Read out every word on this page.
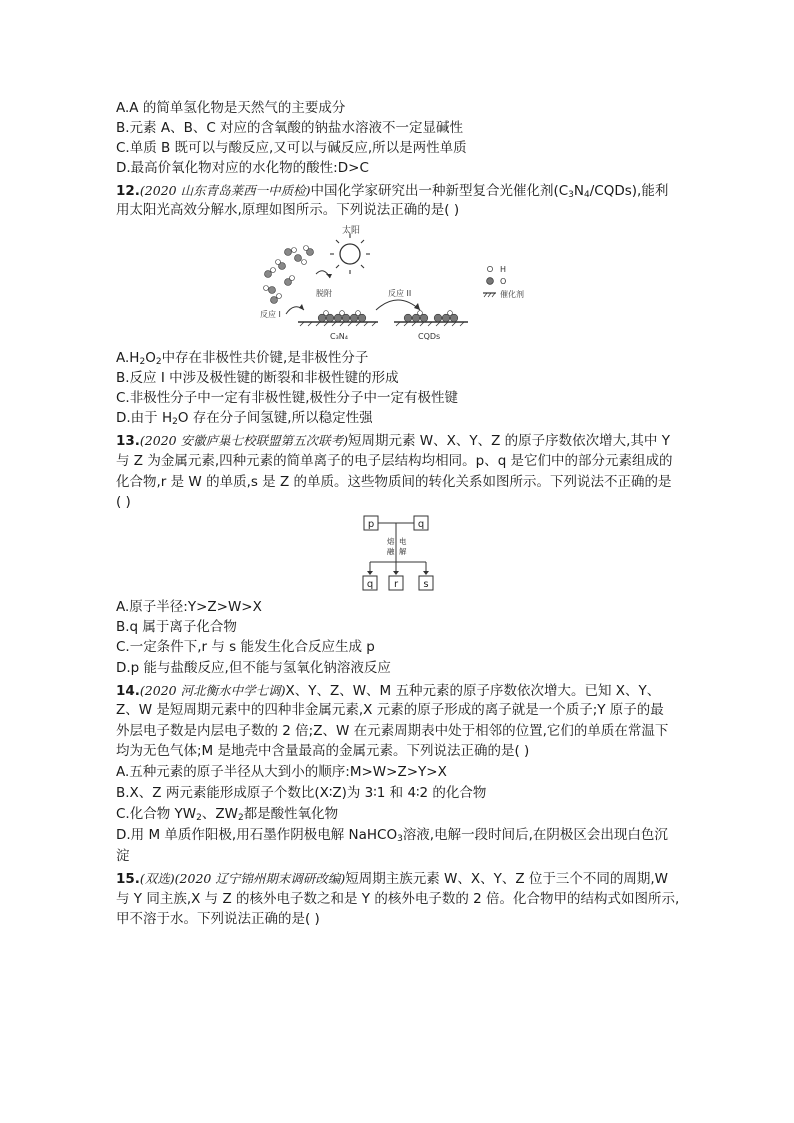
A.A 的简单氢化物是天然气的主要成分
B.元素 A、B、C 对应的含氧酸的钠盐水溶液不一定显碱性
C.单质 B 既可以与酸反应,又可以与碱反应,所以是两性单质
D.最高价氧化物对应的水化物的酸性:D>C
12.(2020 山东青岛莱西一中质检)中国化学家研究出一种新型复合光催化剂$(C_3N_4/CQDs)$,能利
用太阳光高效分解水,原理如图所示。下列说法正确的是( )
太阳
脱附
反应 I
C₃N₄
反应 II
CQDs
H
O
催化剂
$A.H_2O_2$中存在非极性共价键,是非极性分子
B.反应 I 中涉及极性键的断裂和非极性键的形成
C.非极性分子中一定有非极性键,极性分子中一定有极性键
D.由于 $H_2O$ 存在分子间氢键,所以稳定性强
13.(2020 安徽庐巢七校联盟第五次联考)短周期元素 W、X、Y、Z 的原子序数依次增大,其中 Y
与 Z 为金属元素,四种元素的简单离子的电子层结构均相同。p、q 是它们中的部分元素组成的
化合物,r 是 W 的单质,s 是 Z 的单质。这些物质间的转化关系如图所示。下列说法不正确的是
( )
p	q
熔
融
电
解
q r	s
A.原子半径:Y>Z>W>X
B.q 属于离子化合物
C.一定条件下,r 与 s 能发生化合反应生成 p
D.p 能与盐酸反应,但不能与氢氧化钠溶液反应
14.(2020 河北衡水中学七调)X、Y、Z、W、M 五种元素的原子序数依次增大。已知 X、Y、
Z、W 是短周期元素中的四种非金属元素,X 元素的原子形成的离子就是一个质子;Y 原子的最
外层电子数是内层电子数的 2 倍;Z、W 在元素周期表中处于相邻的位置,它们的单质在常温下
均为无色气体;M 是地壳中含量最高的金属元素。下列说法正确的是( )
A.五种元素的原子半径从大到小的顺序:M>W>Z>Y>X
B.X、Z 两元素能形成原子个数比(X∶Z)为 3∶1 和 4∶2 的化合物
C.化合物 $YW_2$、$ZW_2$都是酸性氧化物
D.用 M 单质作阳极,用石墨作阴极电解 NaHCO$_3$溶液,电解一段时间后,在阴极区会出现白色沉
淀
15.(双选)(2020 辽宁锦州期末调研改编)短周期主族元素 W、X、Y、Z 位于三个不同的周期,W
与 Y 同主族,X 与 Z 的核外电子数之和是 Y 的核外电子数的 2 倍。化合物甲的结构式如图所示,
甲不溶于水。下列说法正确的是( )
